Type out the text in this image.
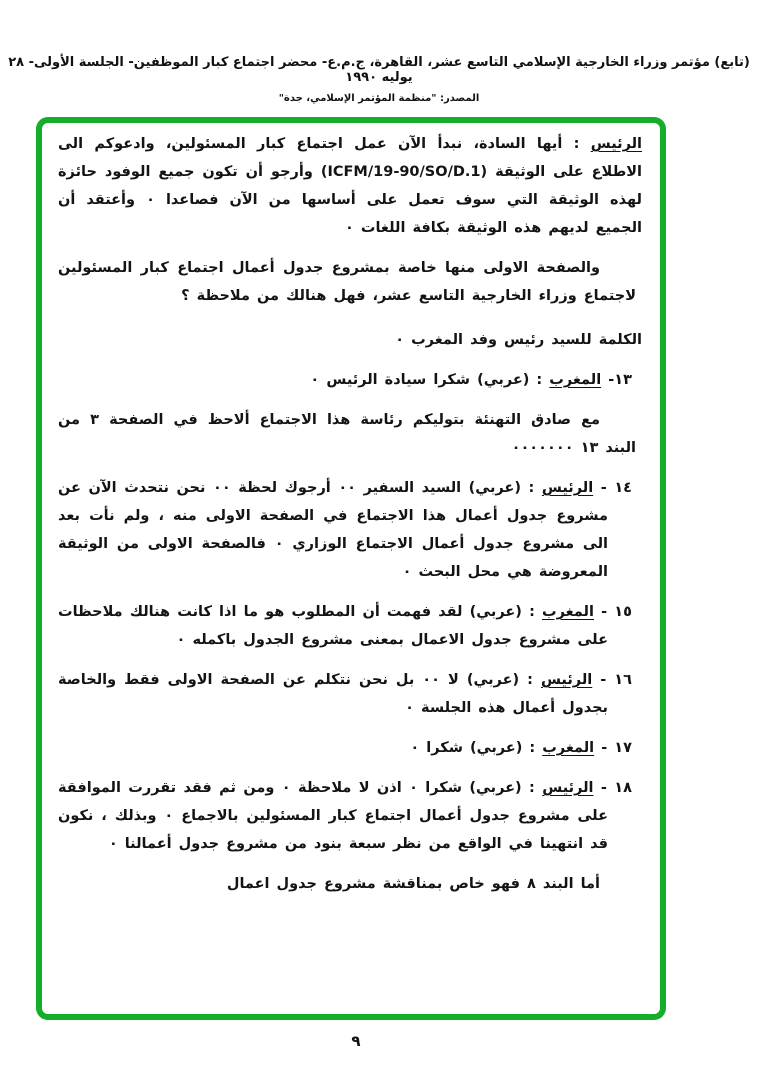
(تابع) مؤتمر وزراء الخارجية الإسلامي التاسع عشر، القاهرة، ج.م.ع- محضر اجتماع كبار الموظفين- الجلسة الأولى- ٢٨ يوليه ١٩٩٠
المصدر: "منظمة المؤتمر الإسلامي، جدة"

الرئيس : أيها السادة، نبدأ الآن عمل اجتماع كبار المسئولين، وادعوكم الى الاطلاع على الوثيقة (ICFM/19-90/SO/D.1) وأرجو أن تكون جميع الوفود حائزة لهذه الوثيقة التي سوف تعمل على أساسها من الآن فصاعدا ٠ وأعتقد أن الجميع لديهم هذه الوثيقة بكافة اللغات ٠

والصفحة الاولى منها خاصة بمشروع جدول أعمال اجتماع كبار المسئولين لاجتماع وزراء الخارجية التاسع عشر، فهل هنالك من ملاحظة ؟

الكلمة للسيد رئيس وفد المغرب ٠

١٣- المغرب : (عربي) شكرا سيادة الرئيس ٠

مع صادق التهنئة بتوليكم رئاسة هذا الاجتماع ألاحظ في الصفحة ٣ من البند ١٣ ٠٠٠٠٠٠٠

١٤ - الرئيس : (عربي) السيد السفير ٠٠ أرجوك لحظة ٠٠ نحن نتحدث الآن عن مشروع جدول أعمال هذا الاجتماع في الصفحة الاولى منه ، ولم نأت بعد الى مشروع جدول أعمال الاجتماع الوزاري ٠ فالصفحة الاولى من الوثيقة المعروضة هي محل البحث ٠

١٥ - المغرب : (عربي) لقد فهمت أن المطلوب هو ما اذا كانت هنالك ملاحظات على مشروع جدول الاعمال بمعنى مشروع الجدول باكمله ٠

١٦ - الرئيس : (عربي) لا ٠٠ بل نحن نتكلم عن الصفحة الاولى فقط والخاصة بجدول أعمال هذه الجلسة ٠

١٧ - المغرب : (عربي) شكرا ٠

١٨ - الرئيس : (عربي) شكرا ٠ اذن لا ملاحظة ٠ ومن ثم فقد تقررت الموافقة على مشروع جدول أعمال اجتماع كبار المسئولين بالاجماع ٠ وبذلك ، نكون قد انتهينا في الواقع من نظر سبعة بنود من مشروع جدول أعمالنا ٠

أما البند ٨ فهو خاص بمناقشة مشروع جدول اعمال

٩
